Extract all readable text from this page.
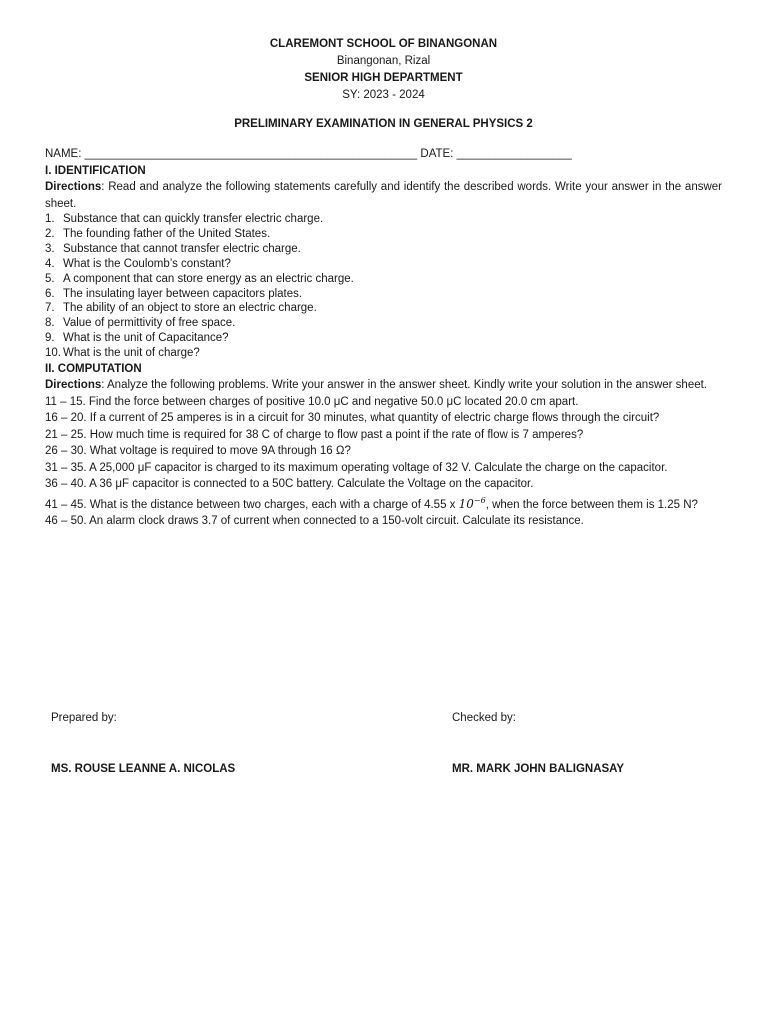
CLAREMONT SCHOOL OF BINANGONAN
Binangonan, Rizal
SENIOR HIGH DEPARTMENT
SY: 2023 - 2024
PRELIMINARY EXAMINATION IN GENERAL PHYSICS 2
NAME: ____________________________________________________ DATE: __________________
I. IDENTIFICATION
Directions: Read and analyze the following statements carefully and identify the described words. Write your answer in the answer sheet.
1. Substance that can quickly transfer electric charge.
2. The founding father of the United States.
3. Substance that cannot transfer electric charge.
4. What is the Coulomb’s constant?
5. A component that can store energy as an electric charge.
6. The insulating layer between capacitors plates.
7. The ability of an object to store an electric charge.
8. Value of permittivity of free space.
9. What is the unit of Capacitance?
10. What is the unit of charge?
II. COMPUTATION
Directions: Analyze the following problems. Write your answer in the answer sheet. Kindly write your solution in the answer sheet.
11 – 15. Find the force between charges of positive 10.0 μC and negative 50.0 μC located 20.0 cm apart.
16 – 20. If a current of 25 amperes is in a circuit for 30 minutes, what quantity of electric charge flows through the circuit?
21 – 25. How much time is required for 38 C of charge to flow past a point if the rate of flow is 7 amperes?
26 – 30. What voltage is required to move 9A through 16 Ω?
31 – 35. A 25,000 μF capacitor is charged to its maximum operating voltage of 32 V. Calculate the charge on the capacitor.
36 – 40. A 36 μF capacitor is connected to a 50C battery. Calculate the Voltage on the capacitor.
41 – 45. What is the distance between two charges, each with a charge of 4.55 x $10^{-6}$, when the force between them is 1.25 N?
46 – 50. An alarm clock draws 3.7 of current when connected to a 150-volt circuit. Calculate its resistance.
Prepared by:
MS. ROUSE LEANNE A. NICOLAS
Checked by:
MR. MARK JOHN BALIGNASAY
